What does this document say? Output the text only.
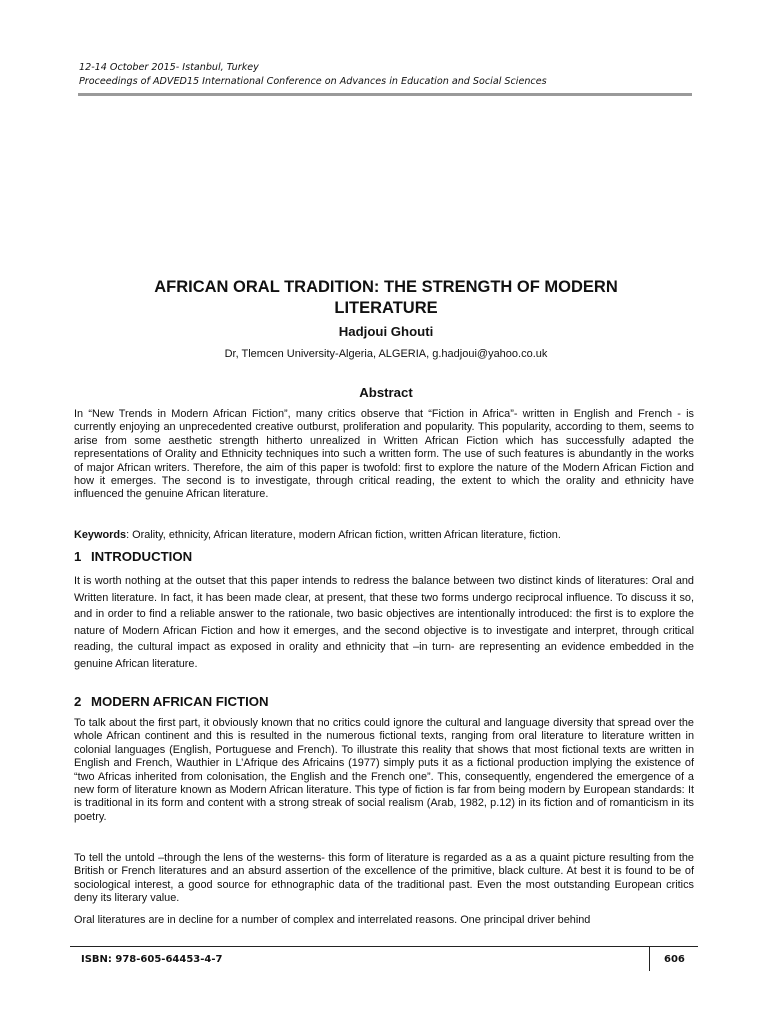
12-14 October 2015- Istanbul, Turkey
Proceedings of ADVED15 International Conference on Advances in Education and Social Sciences
AFRICAN ORAL TRADITION: THE STRENGTH OF MODERN
LITERATURE
Hadjoui Ghouti
Dr, Tlemcen University-Algeria, ALGERIA, g.hadjoui@yahoo.co.uk
Abstract
In “New Trends in Modern African Fiction”, many critics observe that “Fiction in Africa”- written in English and French - is currently enjoying an unprecedented creative outburst, proliferation and popularity. This popularity, according to them, seems to arise from some aesthetic strength hitherto unrealized in Written African Fiction which has successfully adapted the representations of Orality and Ethnicity techniques into such a written form. The use of such features is abundantly in the works of major African writers. Therefore, the aim of this paper is twofold: first to explore the nature of the Modern African Fiction and how it emerges. The second is to investigate, through critical reading, the extent to which the orality and ethnicity have influenced the genuine African literature.
Keywords: Orality, ethnicity, African literature, modern African fiction, written African literature, fiction.
1 INTRODUCTION
It is worth nothing at the outset that this paper intends to redress the balance between two distinct kinds of literatures: Oral and Written literature. In fact, it has been made clear, at present, that these two forms undergo reciprocal influence. To discuss it so, and in order to find a reliable answer to the rationale, two basic objectives are intentionally introduced: the first is to explore the nature of Modern African Fiction and how it emerges, and the second objective is to investigate and interpret, through critical reading, the cultural impact as exposed in orality and ethnicity that –in turn- are representing an evidence embedded in the genuine African literature.
2 MODERN AFRICAN FICTION
To talk about the first part, it obviously known that no critics could ignore the cultural and language diversity that spread over the whole African continent and this is resulted in the numerous fictional texts, ranging from oral literature to literature written in colonial languages (English, Portuguese and French). To illustrate this reality that shows that most fictional texts are written in English and French, Wauthier in L’Afrique des Africains (1977) simply puts it as a fictional production implying the existence of “two Africas inherited from colonisation, the English and the French one”. This, consequently, engendered the emergence of a new form of literature known as Modern African literature. This type of fiction is far from being modern by European standards: It is traditional in its form and content with a strong streak of social realism (Arab, 1982, p.12) in its fiction and of romanticism in its poetry.
To tell the untold –through the lens of the westerns- this form of literature is regarded as a as a quaint picture resulting from the British or French literatures and an absurd assertion of the excellence of the primitive, black culture. At best it is found to be of sociological interest, a good source for ethnographic data of the traditional past. Even the most outstanding European critics deny its literary value.
Oral literatures are in decline for a number of complex and interrelated reasons. One principal driver behind
ISBN: 978-605-64453-4-7	606
